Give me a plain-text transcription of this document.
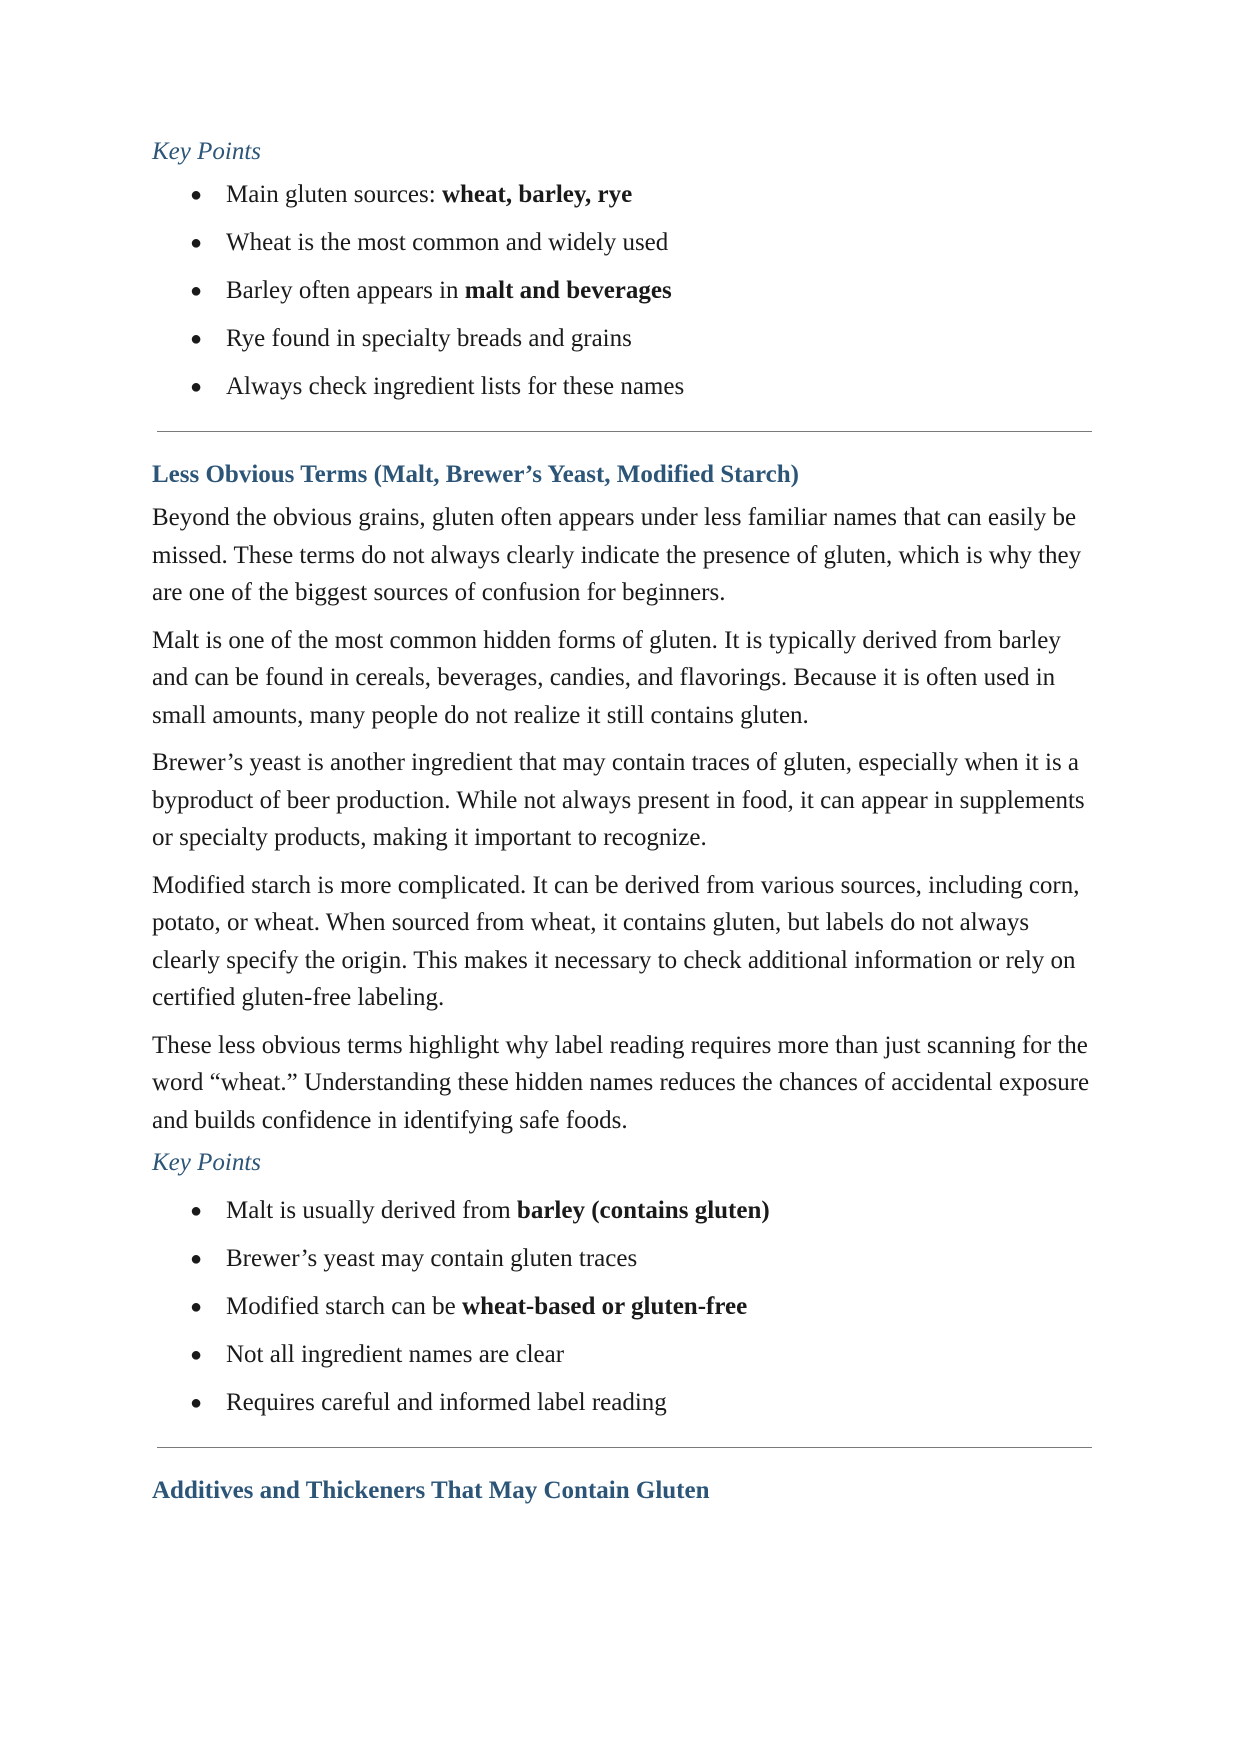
Key Points

● Main gluten sources: wheat, barley, rye
● Wheat is the most common and widely used
● Barley often appears in malt and beverages
● Rye found in specialty breads and grains
● Always check ingredient lists for these names
Less Obvious Terms (Malt, Brewer’s Yeast, Modified Starch)

Beyond the obvious grains, gluten often appears under less familiar names that can easily be missed. These terms do not always clearly indicate the presence of gluten, which is why they are one of the biggest sources of confusion for beginners.

Malt is one of the most common hidden forms of gluten. It is typically derived from barley and can be found in cereals, beverages, candies, and flavorings. Because it is often used in small amounts, many people do not realize it still contains gluten.

Brewer’s yeast is another ingredient that may contain traces of gluten, especially when it is a byproduct of beer production. While not always present in food, it can appear in supplements or specialty products, making it important to recognize.

Modified starch is more complicated. It can be derived from various sources, including corn, potato, or wheat. When sourced from wheat, it contains gluten, but labels do not always clearly specify the origin. This makes it necessary to check additional information or rely on certified gluten-free labeling.

These less obvious terms highlight why label reading requires more than just scanning for the word “wheat.” Understanding these hidden names reduces the chances of accidental exposure and builds confidence in identifying safe foods.

Key Points

● Malt is usually derived from barley (contains gluten)
● Brewer’s yeast may contain gluten traces
● Modified starch can be wheat-based or gluten-free
● Not all ingredient names are clear
● Requires careful and informed label reading
Additives and Thickeners That May Contain Gluten
